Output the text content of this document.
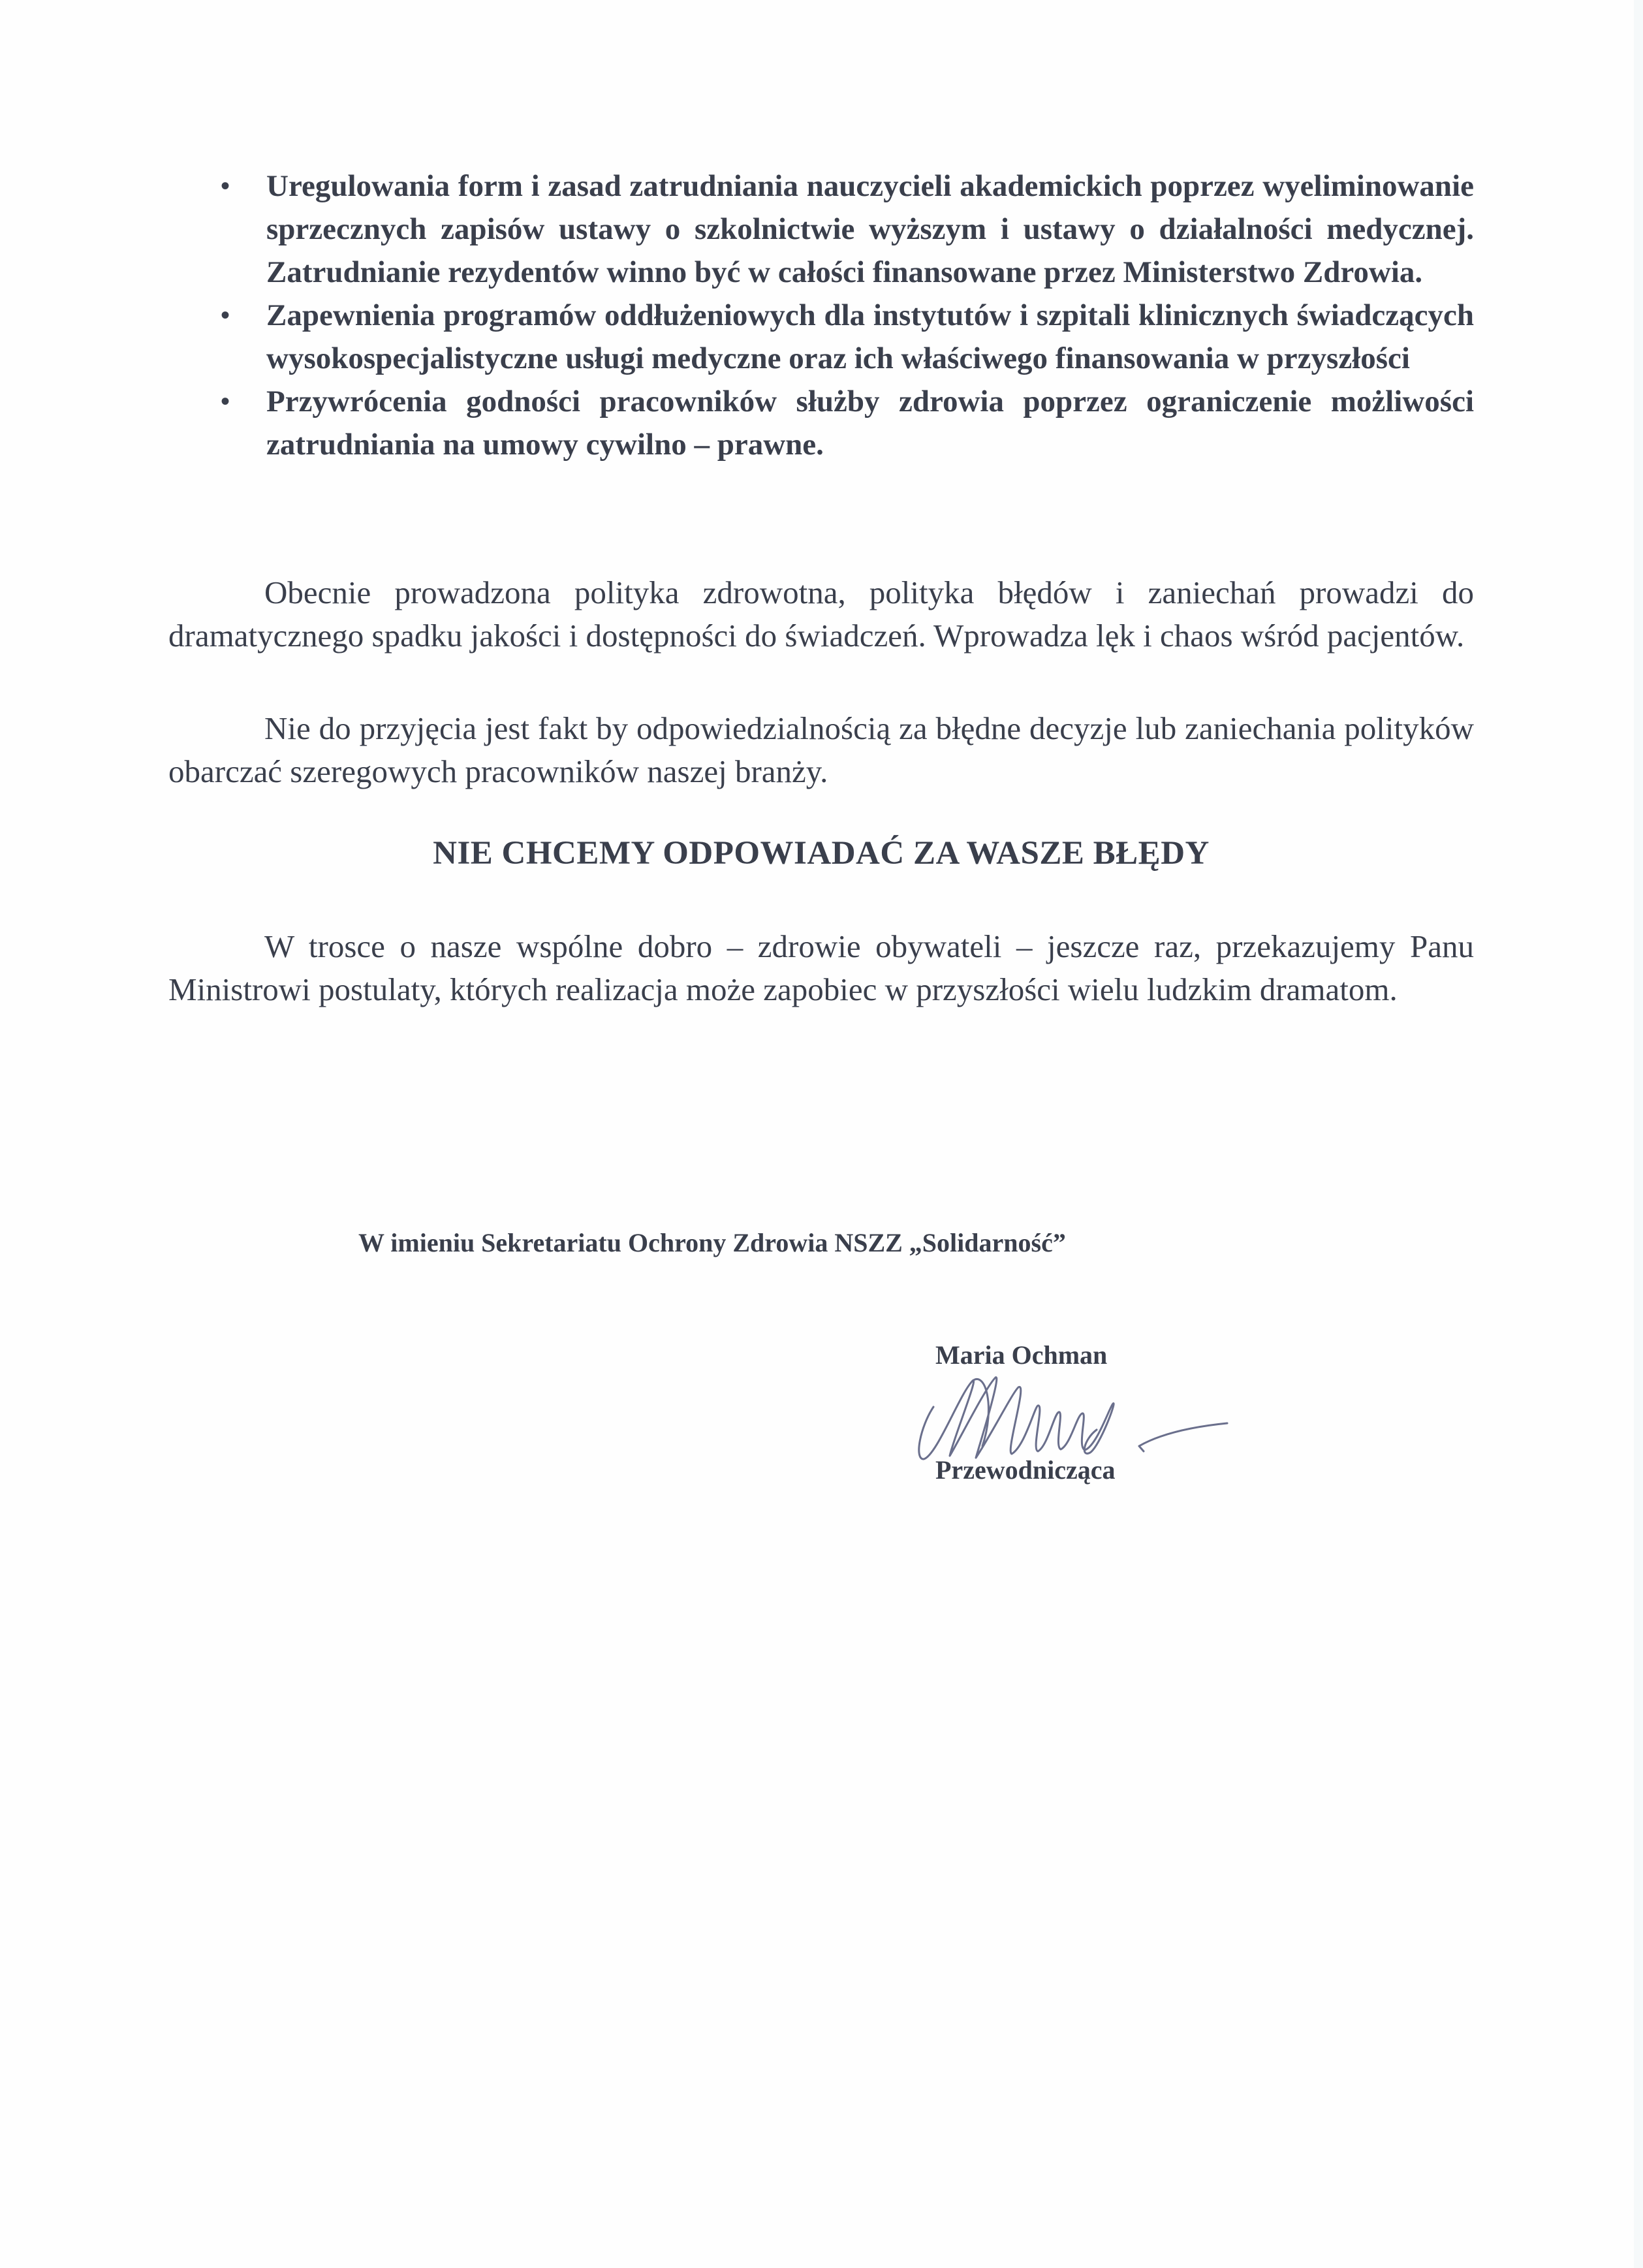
• Uregulowania form i zasad zatrudniania nauczycieli akademickich poprzez wyeliminowanie sprzecznych zapisów ustawy o szkolnictwie wyższym i ustawy o działalności medycznej. Zatrudnianie rezydentów winno być w całości finansowane przez Ministerstwo Zdrowia.
• Zapewnienia programów oddłużeniowych dla instytutów i szpitali klinicznych świadczących wysokospecjalistyczne usługi medyczne oraz ich właściwego finansowania w przyszłości
• Przywrócenia godności pracowników służby zdrowia poprzez ograniczenie możliwości zatrudniania na umowy cywilno – prawne.

Obecnie prowadzona polityka zdrowotna, polityka błędów i zaniechań prowadzi do dramatycznego spadku jakości i dostępności do świadczeń. Wprowadza lęk i chaos wśród pacjentów.

Nie do przyjęcia jest fakt by odpowiedzialnością za błędne decyzje lub zaniechania polityków obarczać szeregowych pracowników naszej branży.

NIE CHCEMY ODPOWIADAĆ ZA WASZE BŁĘDY

W trosce o nasze wspólne dobro – zdrowie obywateli – jeszcze raz, przekazujemy Panu Ministrowi postulaty, których realizacja może zapobiec w przyszłości wielu ludzkim dramatom.

W imieniu Sekretariatu Ochrony Zdrowia NSZZ „Solidarność”
Maria Ochman
Przewodnicząca
